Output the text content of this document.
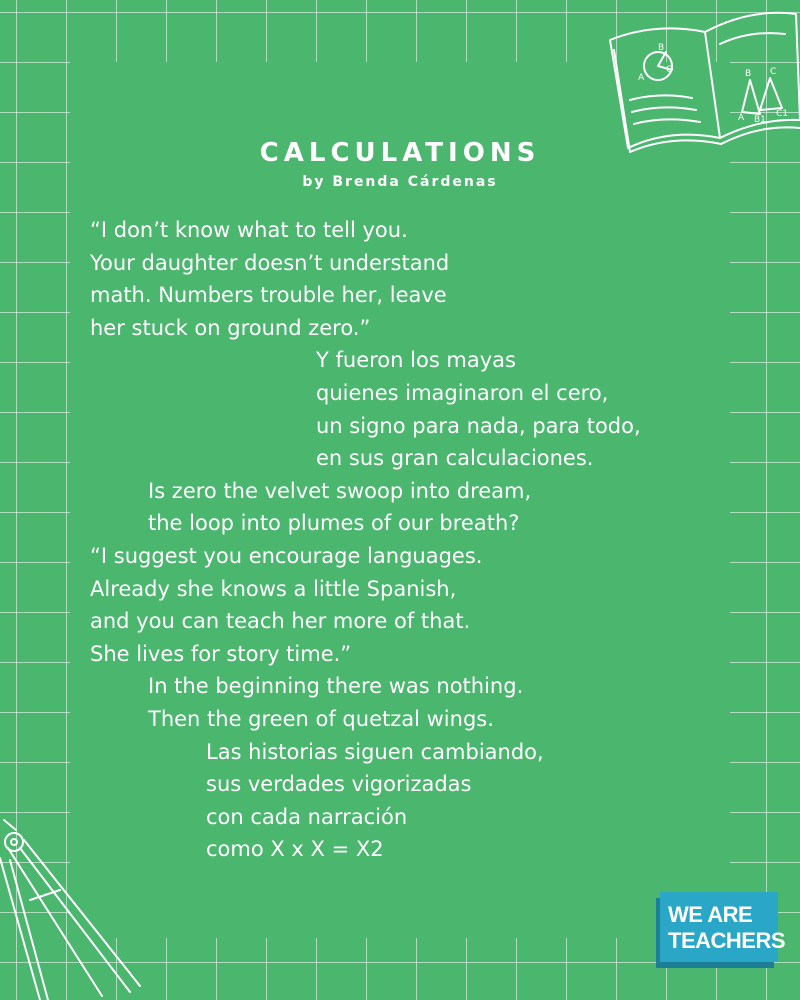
B
A
O	B C
A B1
C1
CALCULATIONS
by Brenda Cárdenas
“I don’t know what to tell you.
Your daughter doesn’t understand
math. Numbers trouble her, leave
her stuck on ground zero.”
Y fueron los mayas
quienes imaginaron el cero,
un signo para nada, para todo,
en sus gran calculaciones.
Is zero the velvet swoop into dream,
the loop into plumes of our breath?
“I suggest you encourage languages.
Already she knows a little Spanish,
and you can teach her more of that.
She lives for story time.”
In the beginning there was nothing.
Then the green of quetzal wings.
Las historias siguen cambiando,
sus verdades vigorizadas
con cada narración
como X x X = X2
WE ARE
TEACHERS
